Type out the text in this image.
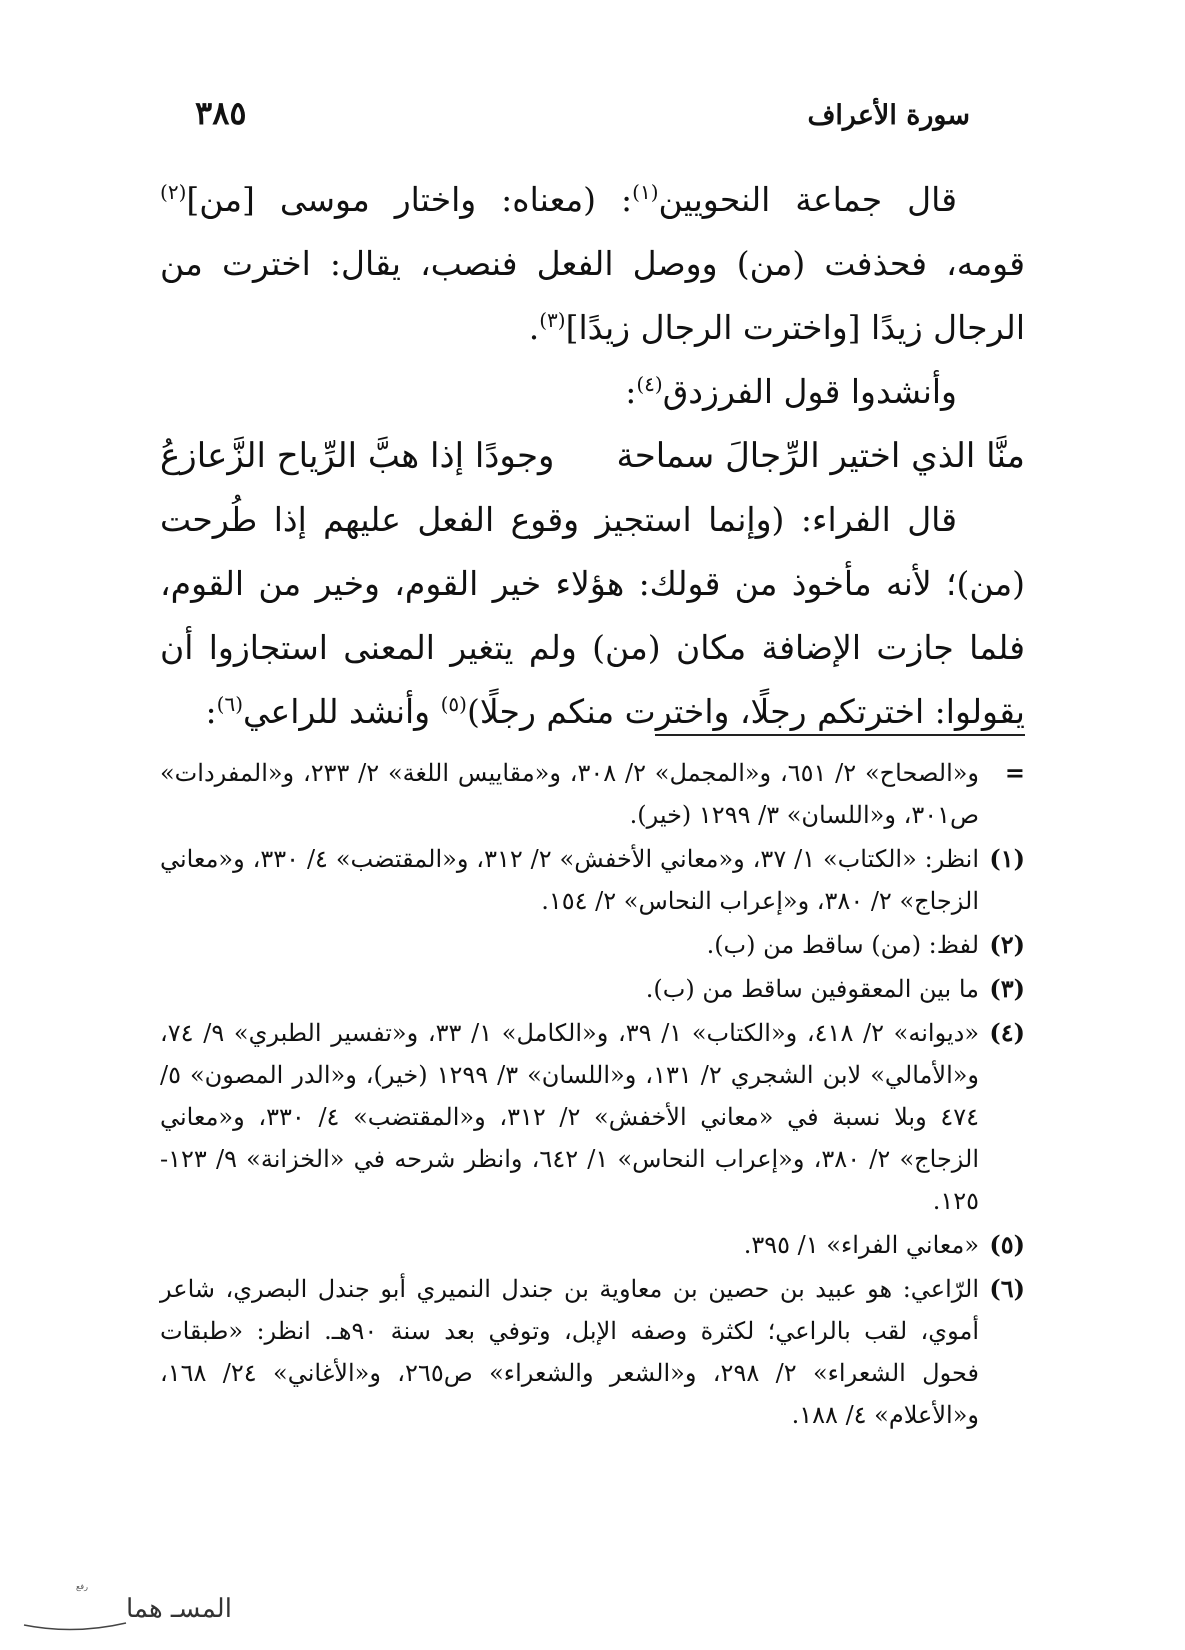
سورة الأعراف
٣٨٥

قال جماعة النحويين$^{(١)}$: (معناه: واختار موسى [من]$^{(٢)}$ قومه، فحذفت (من) ووصل الفعل فنصب، يقال: اخترت من الرجال زيدًا [واخترت الرجال زيدًا]$^{(٣)}$.

وأنشدوا قول الفرزدق$^{(٤)}$:

منَّا الذي اختير الرِّجالَ سماحة
وجودًا إذا هبَّ الرِّياح الزَّعازعُ

قال الفراء: (وإنما استجيز وقوع الفعل عليهم إذا طُرحت (من)؛ لأنه مأخوذ من قولك: هؤلاء خير القوم، وخير من القوم، فلما جازت الإضافة مكان (من) ولم يتغير المعنى استجازوا أن يقولوا: اخترتكم رجلًا، واخترت منكم رجلًا)$^{(٥)}$ وأنشد للراعي$^{(٦)}$:

=
و«الصحاح» ٢/ ٦٥١، و«المجمل» ٢/ ٣٠٨، و«مقاييس اللغة» ٢/ ٢٣٣، و«المفردات» ص٣٠١، و«اللسان» ٣/ ١٢٩٩ (خير).
(١)
انظر: «الكتاب» ١/ ٣٧، و«معاني الأخفش» ٢/ ٣١٢، و«المقتضب» ٤/ ٣٣٠، و«معاني الزجاج» ٢/ ٣٨٠، و«إعراب النحاس» ٢/ ١٥٤.
(٢)
لفظ: (من) ساقط من (ب).
(٣)
ما بين المعقوفين ساقط من (ب).
(٤)
«ديوانه» ٢/ ٤١٨، و«الكتاب» ١/ ٣٩، و«الكامل» ١/ ٣٣، و«تفسير الطبري» ٩/ ٧٤، و«الأمالي» لابن الشجري ٢/ ١٣١، و«اللسان» ٣/ ١٢٩٩ (خير)، و«الدر المصون» ٥/ ٤٧٤ وبلا نسبة في «معاني الأخفش» ٢/ ٣١٢، و«المقتضب» ٤/ ٣٣٠، و«معاني الزجاج» ٢/ ٣٨٠، و«إعراب النحاس» ١/ ٦٤٢، وانظر شرحه في «الخزانة» ٩/ ١٢٣- ١٢٥.
(٥)
«معاني الفراء» ١/ ٣٩٥.
(٦)
الرّاعي: هو عبيد بن حصين بن معاوية بن جندل النميري أبو جندل البصري، شاعر أموي، لقب بالراعي؛ لكثرة وصفه الإبل، وتوفي بعد سنة ٩٠هـ. انظر: «طبقات فحول الشعراء» ٢/ ٢٩٨، و«الشعر والشعراء» ص٢٦٥، و«الأغاني» ٢٤/ ١٦٨، و«الأعلام» ٤/ ١٨٨.
رفع
المسـ هما
